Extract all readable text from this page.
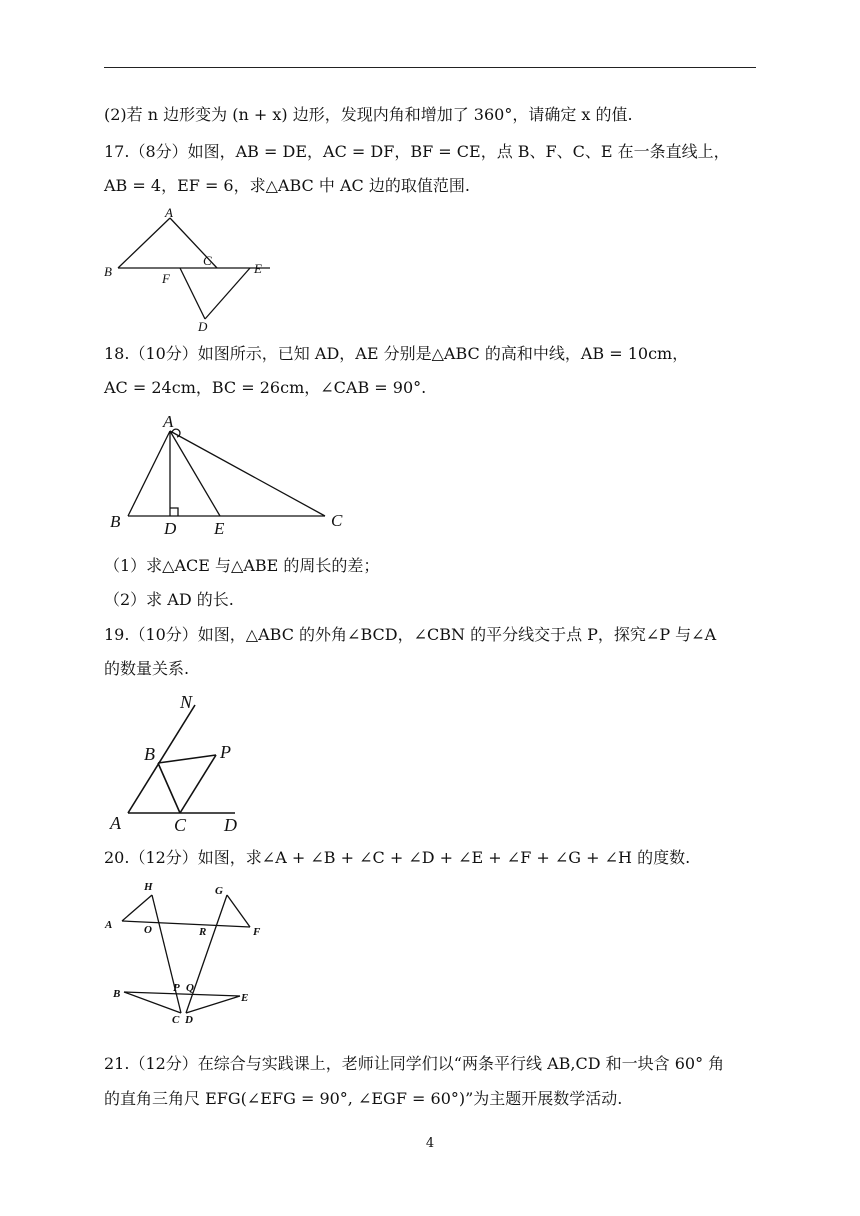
(2)若 n 边形变为 (n + x) 边形，发现内角和增加了 360°，请确定 x 的值.
17.（8分）如图，AB = DE，AC = DF，BF = CE，点 B、F、C、E 在一条直线上，
AB = 4，EF = 6，求△ABC 中 AC 边的取值范围.
A
B
C
E
F
D
18.（10分）如图所示，已知 AD，AE 分别是△ABC 的高和中线，AB = 10cm，
AC = 24cm，BC = 26cm，∠CAB = 90°.
A
B	D E	C
（1）求△ACE 与△ABE 的周长的差；
（2）求 AD 的长.
19.（10分）如图，△ABC 的外角∠BCD，∠CBN 的平分线交于点 P，探究∠P 与∠A
的数量关系.
N
B	P
A	C D
20.（12分）如图，求∠A + ∠B + ∠C + ∠D + ∠E + ∠F + ∠G + ∠H 的度数.
H	G
A	O	R	F
B	P Q
E
C D
21.（12分）在综合与实践课上，老师让同学们以“两条平行线 AB,CD 和一块含 60° 角
的直角三角尺 EFG(∠EFG = 90°, ∠EGF = 60°)”为主题开展数学活动.
4
